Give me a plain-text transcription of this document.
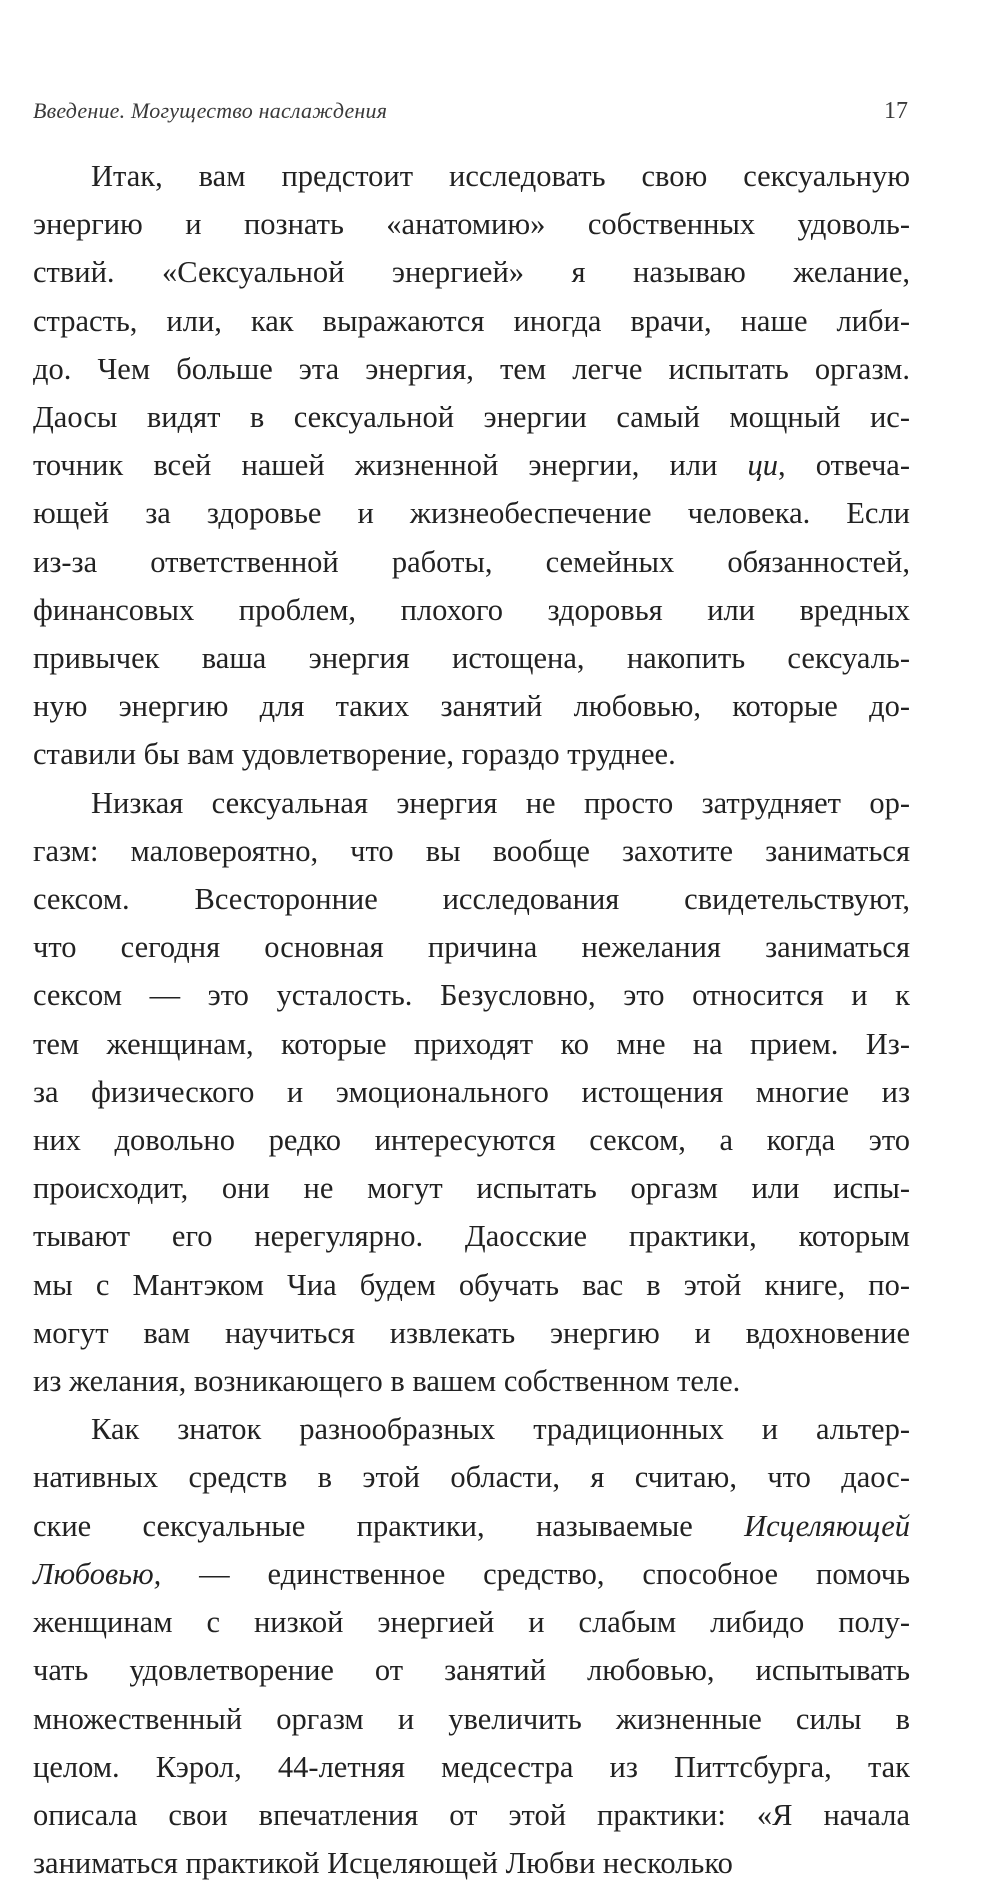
Введение. Могущество наслаждения	17

Итак, вам предстоит исследовать свою сексуальную
энергию и познать «анатомию» собственных удоволь-
ствий. «Сексуальной энергией» я называю желание,
страсть, или, как выражаются иногда врачи, наше либи-
до. Чем больше эта энергия, тем легче испытать оргазм.
Даосы видят в сексуальной энергии самый мощный ис-
точник всей нашей жизненной энергии, или ци, отвеча-
ющей за здоровье и жизнеобеспечение человека. Если
из-за ответственной работы, семейных обязанностей,
финансовых проблем, плохого здоровья или вредных
привычек ваша энергия истощена, накопить сексуаль-
ную энергию для таких занятий любовью, которые до-
ставили бы вам удовлетворение, гораздо труднее.

Низкая сексуальная энергия не просто затрудняет ор-
газм: маловероятно, что вы вообще захотите заниматься
сексом. Всесторонние исследования свидетельствуют,
что сегодня основная причина нежелания заниматься
сексом — это усталость. Безусловно, это относится и к
тем женщинам, которые приходят ко мне на прием. Из-
за физического и эмоционального истощения многие из
них довольно редко интересуются сексом, а когда это
происходит, они не могут испытать оргазм или испы-
тывают его нерегулярно. Даосские практики, которым
мы с Мантэком Чиа будем обучать вас в этой книге, по-
могут вам научиться извлекать энергию и вдохновение
из желания, возникающего в вашем собственном теле.

Как знаток разнообразных традиционных и альтер-
нативных средств в этой области, я считаю, что даос-
ские сексуальные практики, называемые Исцеляющей
Любовью, — единственное средство, способное помочь
женщинам с низкой энергией и слабым либидо полу-
чать удовлетворение от занятий любовью, испытывать
множественный оргазм и увеличить жизненные силы в
целом. Кэрол, 44-летняя медсестра из Питтсбурга, так
описала свои впечатления от этой практики: «Я начала
заниматься практикой Исцеляющей Любви несколько
